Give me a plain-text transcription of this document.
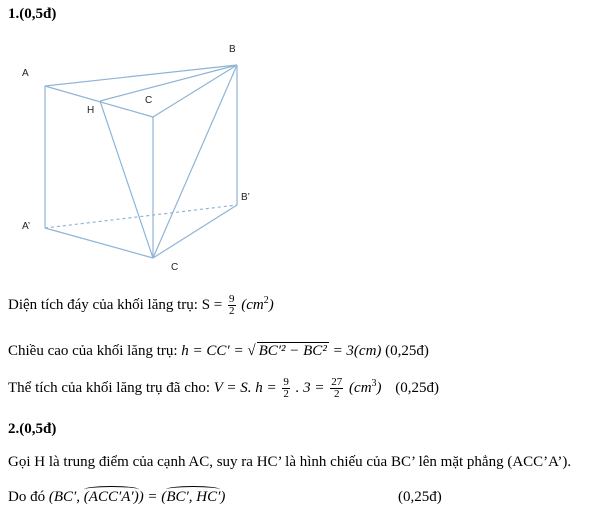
1.(0,5đ)
A
B
C
H
A’
B’
C
Diện tích đáy của khối lăng trụ: $S = \frac{9}{2} (cm^2)$
Chiều cao của khối lăng trụ: h = CC′ = √ BC′² − BC² = 3(cm) (0,25đ)
Thể tích của khối lăng trụ đã cho: V = S. $h = \frac{9}{2}$ . $3 = \frac{27}{2} (cm^3)$ (0,25đ)
2.(0,5đ)
Gọi H là trung điểm của cạnh AC, suy ra HC’ là hình chiếu của BC’ lên mặt phẳng (ACC’A’).
Do đó (BC′, (ACC′A′)) = (BC′, HC′)	(0,25đ)
